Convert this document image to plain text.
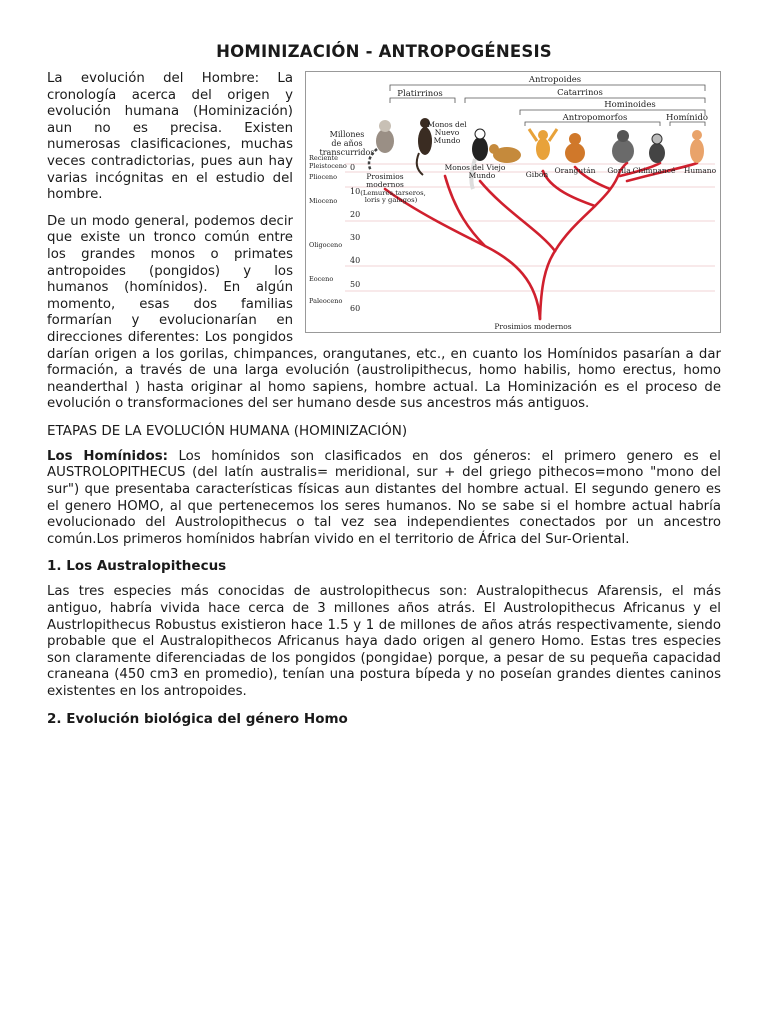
HOMINIZACIÓN - ANTROPOGÉNESIS
Antropoides
Platirrinos	Catarrinos
Hominoides
Antropomorfos	Homínido
Millones
de años
transcurridos
Reciente
Pleistoceno
Plioceno
Mioceno
Oligoceno
Eoceno
Paleoceno
0
10
20
30
40
50
60
Monos del
Nuevo
Mundo
Prosimios
modernos
(Lemures,tarseros,
loris y galagos)
Monos del Viejo
Mundo	Gibón Orangután Gorila Chimpancé Humano
Prosimios modernos

La evolución del Hombre: La cronología acerca del origen y evolución humana (Hominización) aun no es precisa. Existen numerosas clasificaciones, muchas veces contradictorias, pues aun hay varias incógnitas en el estudio del hombre.

De un modo general, podemos decir que existe un tronco común entre los grandes monos o primates antropoides (pongidos) y los humanos (homínidos). En algún momento, esas dos familias formarían y evolucionarían en direcciones diferentes: Los pongidos darían origen a los gorilas, chimpances, orangutanes, etc., en cuanto los Homínidos pasarían a dar formación, a través de una larga evolución (austrolipithecus, homo habilis, homo erectus, homo neanderthal ) hasta originar al homo sapiens, hombre actual. La Hominización es el proceso de evolución o transformaciones del ser humano desde sus ancestros más antiguos.

ETAPAS DE LA EVOLUCIÓN HUMANA (HOMINIZACIÓN)

Los Homínidos: Los homínidos son clasificados en dos géneros: el primero genero es el AUSTROLOPITHECUS (del latín australis= meridional, sur + del griego pithecos=mono "mono del sur") que presentaba características físicas aun distantes del hombre actual. El segundo genero es el genero HOMO, al que pertenecemos los seres humanos. No se sabe si el hombre actual habría evolucionado del Austrolopithecus o tal vez sea independientes conectados por un ancestro común.Los primeros homínidos habrían vivido en el territorio de África del Sur-Oriental.

1. Los Australopithecus

Las tres especies más conocidas de austrolopithecus son: Australopithecus Afarensis, el más antiguo, habría vivida hace cerca de 3 millones años atrás. El Austrolopithecus Africanus y el Austrlopithecus Robustus existieron hace 1.5 y 1 de millones de años atrás respectivamente, siendo probable que el Australopithecos Africanus haya dado origen al genero Homo. Estas tres especies son claramente diferenciadas de los pongidos (pongidae) porque, a pesar de su pequeña capacidad craneana (450 cm3 en promedio), tenían una postura bípeda y no poseían grandes dientes caninos existentes en los antropoides.

2. Evolución biológica del género Homo
